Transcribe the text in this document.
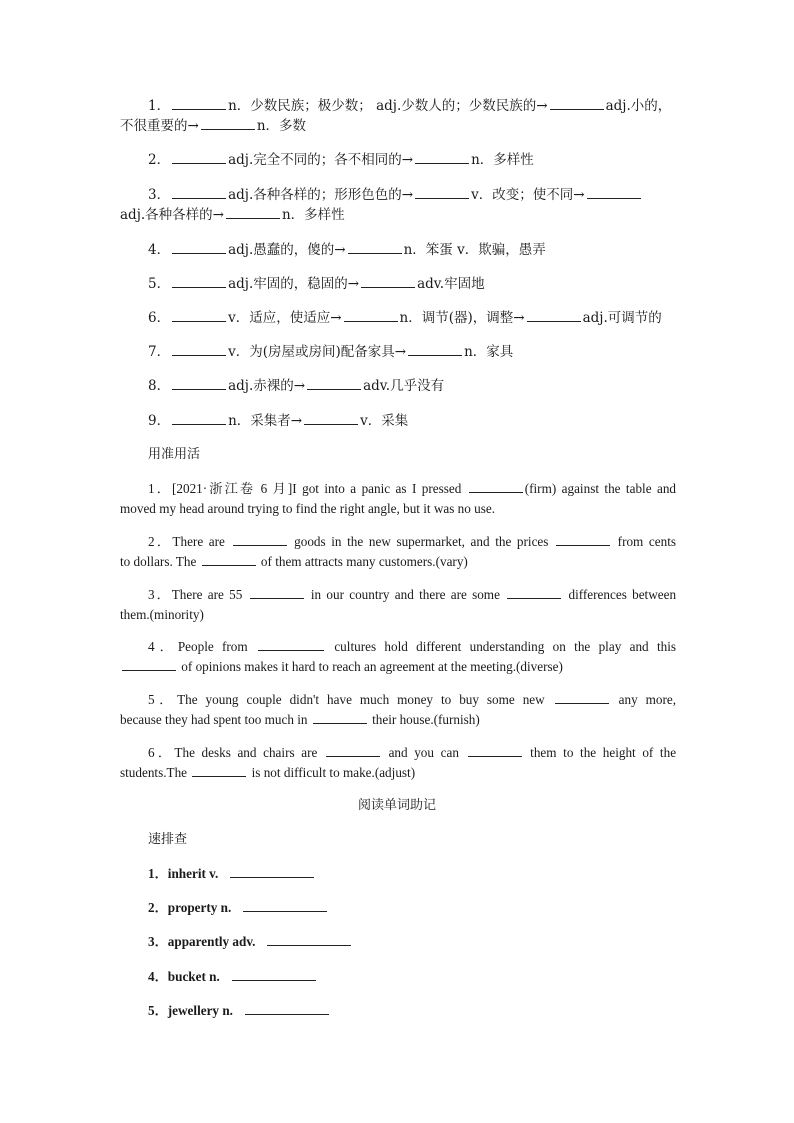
1．	n．少数民族；极少数； adj.少数人的；少数民族的→	adj.小的，
不很重要的→	n．多数
2．	adj.完全不同的；各不相同的→	n．多样性
3．	adj.各种各样的；形形色色的→	v．改变；使不同→
adj.各种各样的→	n．多样性
4．	adj.愚蠢的，傻的→	n．笨蛋 v．欺骗，愚弄
5．	adj.牢固的，稳固的→	adv.牢固地
6．	v．适应，使适应→	n．调节(器)，调整→	adj.可调节的
7．	v．为(房屋或房间)配备家具→	n．家具
8．	adj.赤裸的→	adv.几乎没有
9．	n．采集者→	v．采集
用准用活
1．[2021·浙江卷 6 月]I got into a panic as I pressed	(firm) against the table and
moved my head around trying to find the right angle, but it was no use.
2．There are	goods in the new supermarket, and the prices	from cents
to dollars. The	of them attracts many customers.(vary)
3．There are 55	in our country and there are some	differences between
them.(minority)
4．People from	cultures hold different understanding on the play and this
of opinions makes it hard to reach an agreement at the meeting.(diverse)
5．The young couple didn't have much money to buy some new	any more,
because they had spent too much in	their house.(furnish)
6．The desks and chairs are	and you can	them to the height of the
students.The	is not difficult to make.(adjust)
阅读单词助记
速排查
1．inherit v.
2．property n.
3．apparently adv.
4．bucket n.
5．jewellery n.
